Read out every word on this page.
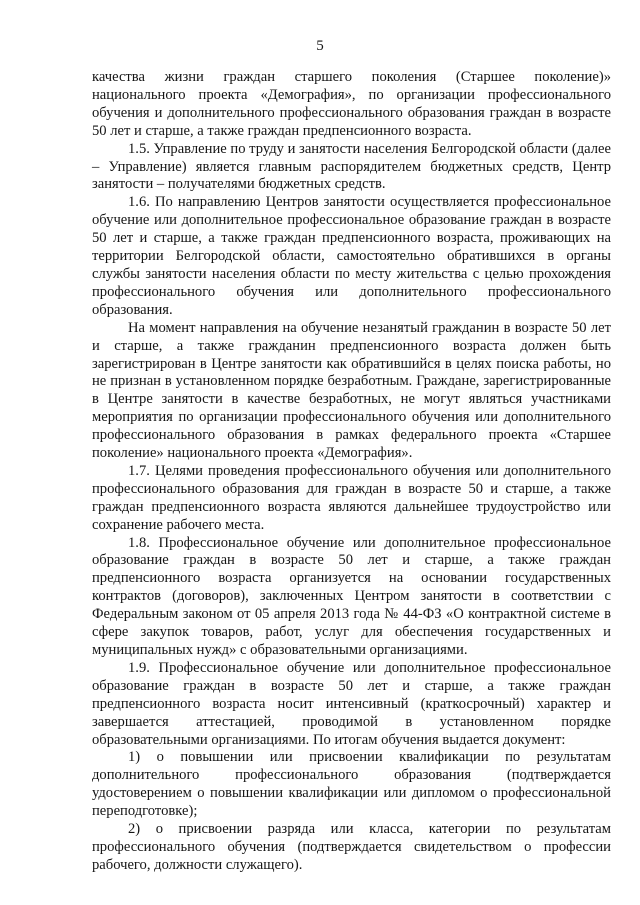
5

качества жизни граждан старшего поколения (Старшее поколение)» национального проекта «Демография», по организации профессионального обучения и дополнительного профессионального образования граждан в возрасте 50 лет и старше, а также граждан предпенсионного возраста.

1.5. Управление по труду и занятости населения Белгородской области (далее – Управление) является главным распорядителем бюджетных средств, Центр занятости – получателями бюджетных средств.

1.6. По направлению Центров занятости осуществляется профессиональное обучение или дополнительное профессиональное образование граждан в возрасте 50 лет и старше, а также граждан предпенсионного возраста, проживающих на территории Белгородской области, самостоятельно обратившихся в органы службы занятости населения области по месту жительства с целью прохождения профессионального обучения или дополнительного профессионального образования.

На момент направления на обучение незанятый гражданин в возрасте 50 лет и старше, а также гражданин предпенсионного возраста должен быть зарегистрирован в Центре занятости как обратившийся в целях поиска работы, но не признан в установленном порядке безработным. Граждане, зарегистрированные в Центре занятости в качестве безработных, не могут являться участниками мероприятия по организации профессионального обучения или дополнительного профессионального образования в рамках федерального проекта «Старшее поколение» национального проекта «Демография».

1.7. Целями проведения профессионального обучения или дополнительного профессионального образования для граждан в возрасте 50 и старше, а также граждан предпенсионного возраста являются дальнейшее трудоустройство или сохранение рабочего места.

1.8. Профессиональное обучение или дополнительное профессиональное образование граждан в возрасте 50 лет и старше, а также граждан предпенсионного возраста организуется на основании государственных контрактов (договоров), заключенных Центром занятости в соответствии с Федеральным законом от 05 апреля 2013 года № 44-ФЗ «О контрактной системе в сфере закупок товаров, работ, услуг для обеспечения государственных и муниципальных нужд» с образовательными организациями.

1.9. Профессиональное обучение или дополнительное профессиональное образование граждан в возрасте 50 лет и старше, а также граждан предпенсионного возраста носит интенсивный (краткосрочный) характер и завершается аттестацией, проводимой в установленном порядке образовательными организациями. По итогам обучения выдается документ:

1) о повышении или присвоении квалификации по результатам дополнительного профессионального образования (подтверждается удостоверением о повышении квалификации или дипломом о профессиональной переподготовке);

2) о присвоении разряда или класса, категории по результатам профессионального обучения (подтверждается свидетельством о профессии рабочего, должности служащего).
